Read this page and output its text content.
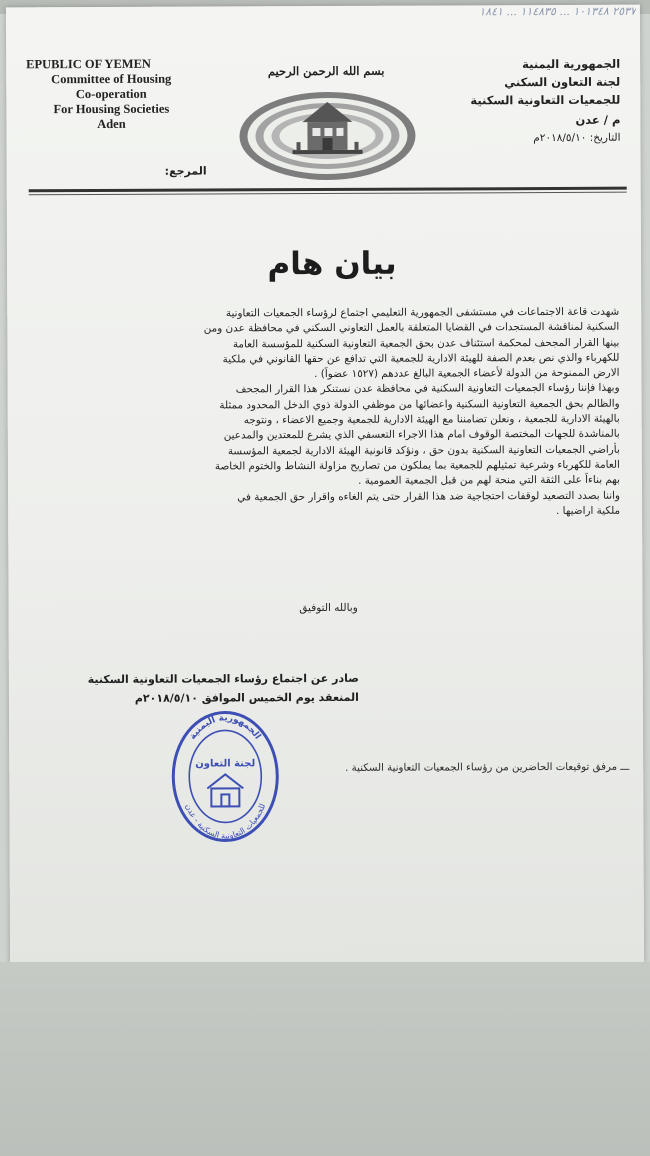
٢٥٣٧ ١٠١٣٤٨ ... ١١٤٨٣٥ ... ١٨٤١
EPUBLIC OF YEMEN
Committee of Housing
Co-operation
For Housing Societies
Aden
بسم الله الرحمن الرحيم	الجمهورية اليمنية
لجنة التعاون السكني
للجمعيات التعاونية السكنية
م / عدن
التاريخ: ٢٠١٨/٥/١٠م
المرجع:
بيان هام
شهدت قاعة الاجتماعات في مستشفى الجمهورية التعليمي اجتماع لرؤساء الجمعيات التعاونية
السكنية لمناقشة المستجدات في القضايا المتعلقة بالعمل التعاوني السكني في محافظة عدن ومن
بينها القرار المجحف لمحكمة استئناف عدن بحق الجمعية التعاونية السكنية للمؤسسة العامة
للكهرباء والذي نص بعدم الصفة للهيئة الادارية للجمعية التي تدافع عن حقها القانوني في ملكية
الارض الممنوحة من الدولة لأعضاء الجمعية البالغ عددهم (١٥٢٧ عضواً) .
وبهذا فإننا رؤساء الجمعيات التعاونية السكنية في محافظة عدن نستنكر هذا القرار المجحف
والظالم بحق الجمعية التعاونية السكنية واعضائها من موظفي الدولة ذوي الدخل المحدود ممثلة
بالهيئة الادارية للجمعية ، ونعلن تضامننا مع الهيئة الادارية للجمعية وجميع الاعضاء ، ونتوجه
بالمناشدة للجهات المختصة الوقوف امام هذا الاجراء التعسفي الذي يشرع للمعتدين والمدعين
بأراضي الجمعيات التعاونية السكنية بدون حق ، ونؤكد قانونية الهيئة الادارية لجمعية المؤسسة
العامة للكهرباء وشرعية تمثيلهم للجمعية بما يملكون من تصاريح مزاولة النشاط والختوم الخاصة
بهم بناءاً على الثقة التي منحة لهم من قبل الجمعية العمومية .
واننا بصدد التصعيد لوقفات احتجاجية ضد هذا القرار حتى يتم الغاءه واقرار حق الجمعية في
ملكية اراضيها .
وبالله التوفيق
صادر عن اجتماع رؤساء الجمعيات التعاونية السكنية
المنعقد يوم الخميس الموافق ٢٠١٨/٥/١٠م
الجمهورية اليمنية
للجمعيات التعاونية السكنية - عدن
لجنة التعاون	ـــ مرفق توقيعات الحاضرين من رؤساء الجمعيات التعاونية السكنية .
